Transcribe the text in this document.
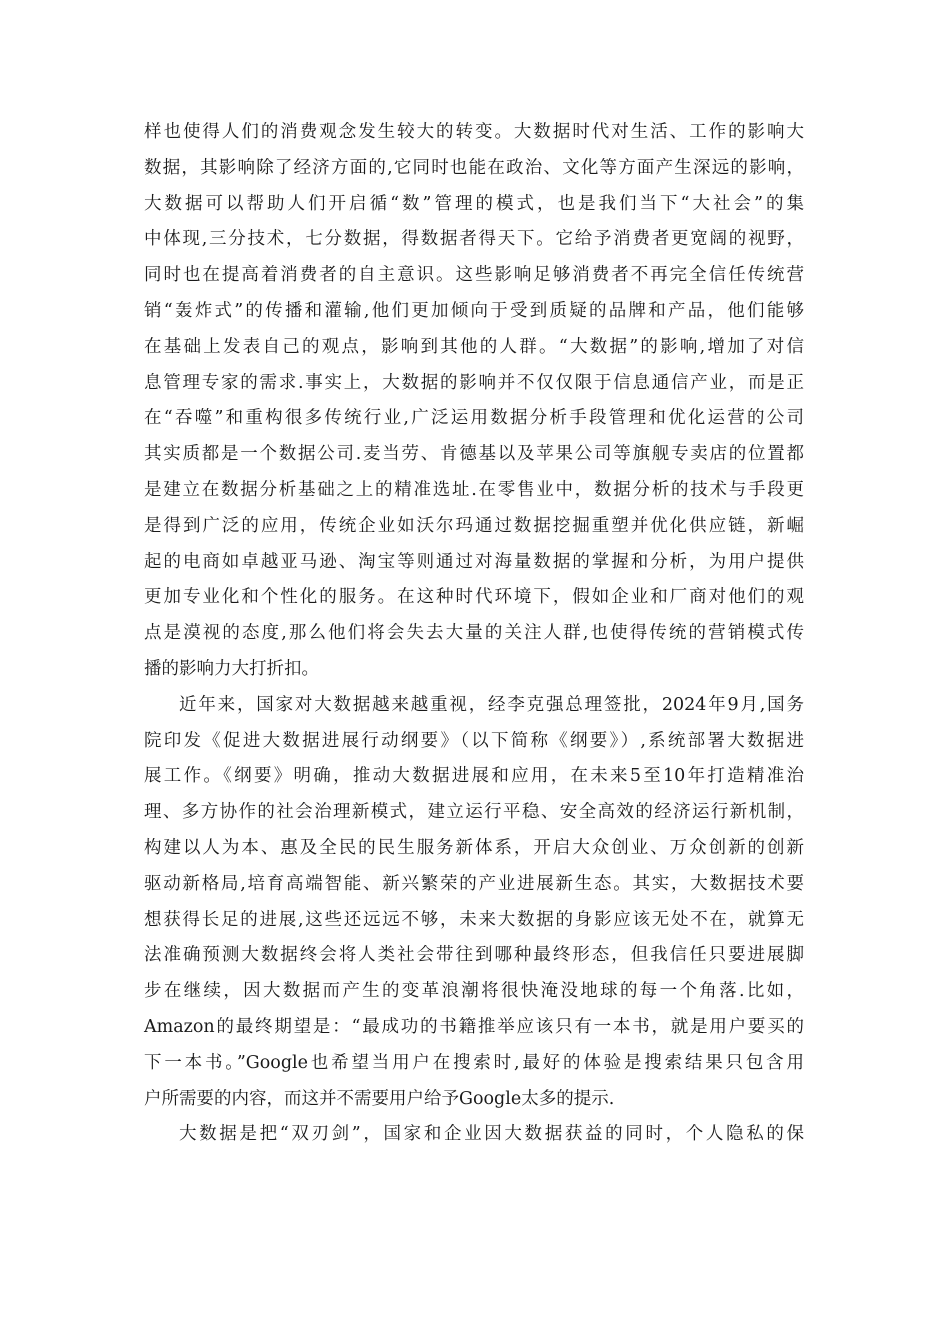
样也使得人们的消费观念发生较大的转变。大数据时代对生活、工作的影响大
数据，其影响除了经济方面的,它同时也能在政治、文化等方面产生深远的影响，
大数据可以帮助人们开启循“数”管理的模式，也是我们当下“大社会”的集
中体现,三分技术，七分数据，得数据者得天下。它给予消费者更宽阔的视野，
同时也在提高着消费者的自主意识。这些影响足够消费者不再完全信任传统营
销“轰炸式”的传播和灌输,他们更加倾向于受到质疑的品牌和产品，他们能够
在基础上发表自己的观点，影响到其他的人群。“大数据”的影响,增加了对信
息管理专家的需求.事实上，大数据的影响并不仅仅限于信息通信产业，而是正
在“吞噬”和重构很多传统行业,广泛运用数据分析手段管理和优化运营的公司
其实质都是一个数据公司.麦当劳、肯德基以及苹果公司等旗舰专卖店的位置都
是建立在数据分析基础之上的精准选址.在零售业中，数据分析的技术与手段更
是得到广泛的应用，传统企业如沃尔玛通过数据挖掘重塑并优化供应链，新崛
起的电商如卓越亚马逊、淘宝等则通过对海量数据的掌握和分析，为用户提供
更加专业化和个性化的服务。在这种时代环境下，假如企业和厂商对他们的观
点是漠视的态度,那么他们将会失去大量的关注人群,也使得传统的营销模式传
播的影响力大打折扣。
近年来，国家对大数据越来越重视，经李克强总理签批，2024年9月,国务
院印发《促进大数据进展行动纲要》（以下简称《纲要》）,系统部署大数据进
展工作。《纲要》明确，推动大数据进展和应用，在未来5至10年打造精准治
理、多方协作的社会治理新模式，建立运行平稳、安全高效的经济运行新机制，
构建以人为本、惠及全民的民生服务新体系，开启大众创业、万众创新的创新
驱动新格局,培育高端智能、新兴繁荣的产业进展新生态。其实，大数据技术要
想获得长足的进展,这些还远远不够，未来大数据的身影应该无处不在，就算无
法准确预测大数据终会将人类社会带往到哪种最终形态，但我信任只要进展脚
步在继续，因大数据而产生的变革浪潮将很快淹没地球的每一个角落.比如，
Amazon的最终期望是：“最成功的书籍推举应该只有一本书，就是用户要买的
下一本书。”Google也希望当用户在搜索时,最好的体验是搜索结果只包含用
户所需要的内容，而这并不需要用户给予Google太多的提示.
大数据是把“双刃剑”，国家和企业因大数据获益的同时，个人隐私的保
